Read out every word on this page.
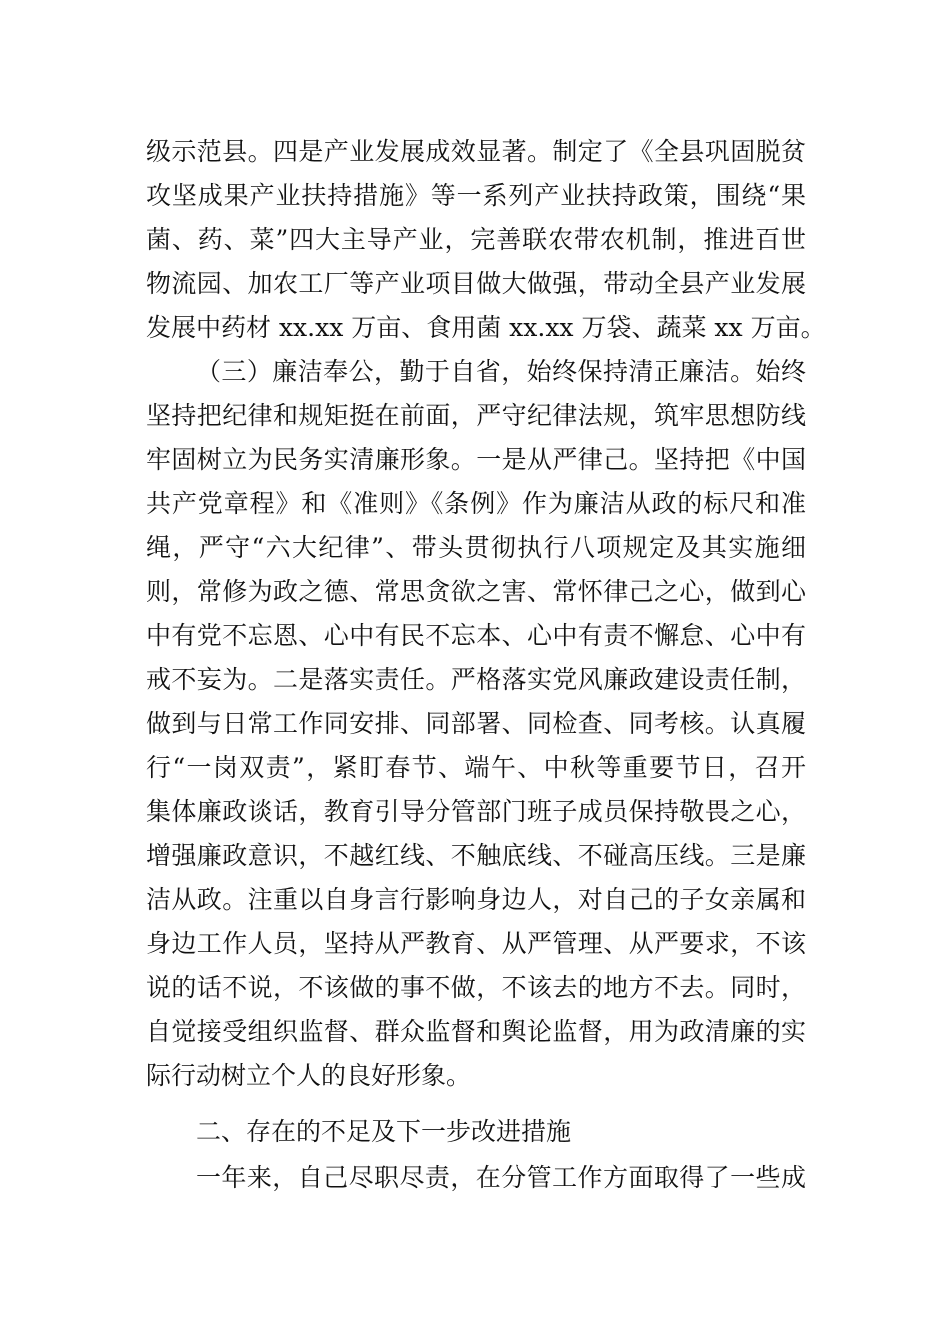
级示范县。四是产业发展成效显著。制定了《全县巩固脱贫
攻坚成果产业扶持措施》等一系列产业扶持政策，围绕“果
菌、药、菜”四大主导产业，完善联农带农机制，推进百世
物流园、加农工厂等产业项目做大做强，带动全县产业发展
发展中药材 xx.xx 万亩、食用菌 xx.xx 万袋、蔬菜 xx 万亩。
（三）廉洁奉公，勤于自省，始终保持清正廉洁。始终
坚持把纪律和规矩挺在前面，严守纪律法规，筑牢思想防线
牢固树立为民务实清廉形象。一是从严律己。坚持把《中国
共产党章程》和《准则》《条例》作为廉洁从政的标尺和准
绳，严守“六大纪律”、带头贯彻执行八项规定及其实施细
则，常修为政之德、常思贪欲之害、常怀律己之心，做到心
中有党不忘恩、心中有民不忘本、心中有责不懈怠、心中有
戒不妄为。二是落实责任。严格落实党风廉政建设责任制，
做到与日常工作同安排、同部署、同检查、同考核。认真履
行“一岗双责”，紧盯春节、端午、中秋等重要节日，召开
集体廉政谈话，教育引导分管部门班子成员保持敬畏之心，
增强廉政意识，不越红线、不触底线、不碰高压线。三是廉
洁从政。注重以自身言行影响身边人，对自己的子女亲属和
身边工作人员，坚持从严教育、从严管理、从严要求，不该
说的话不说，不该做的事不做，不该去的地方不去。同时，
自觉接受组织监督、群众监督和舆论监督，用为政清廉的实
际行动树立个人的良好形象。
二、存在的不足及下一步改进措施
一年来，自己尽职尽责，在分管工作方面取得了一些成
